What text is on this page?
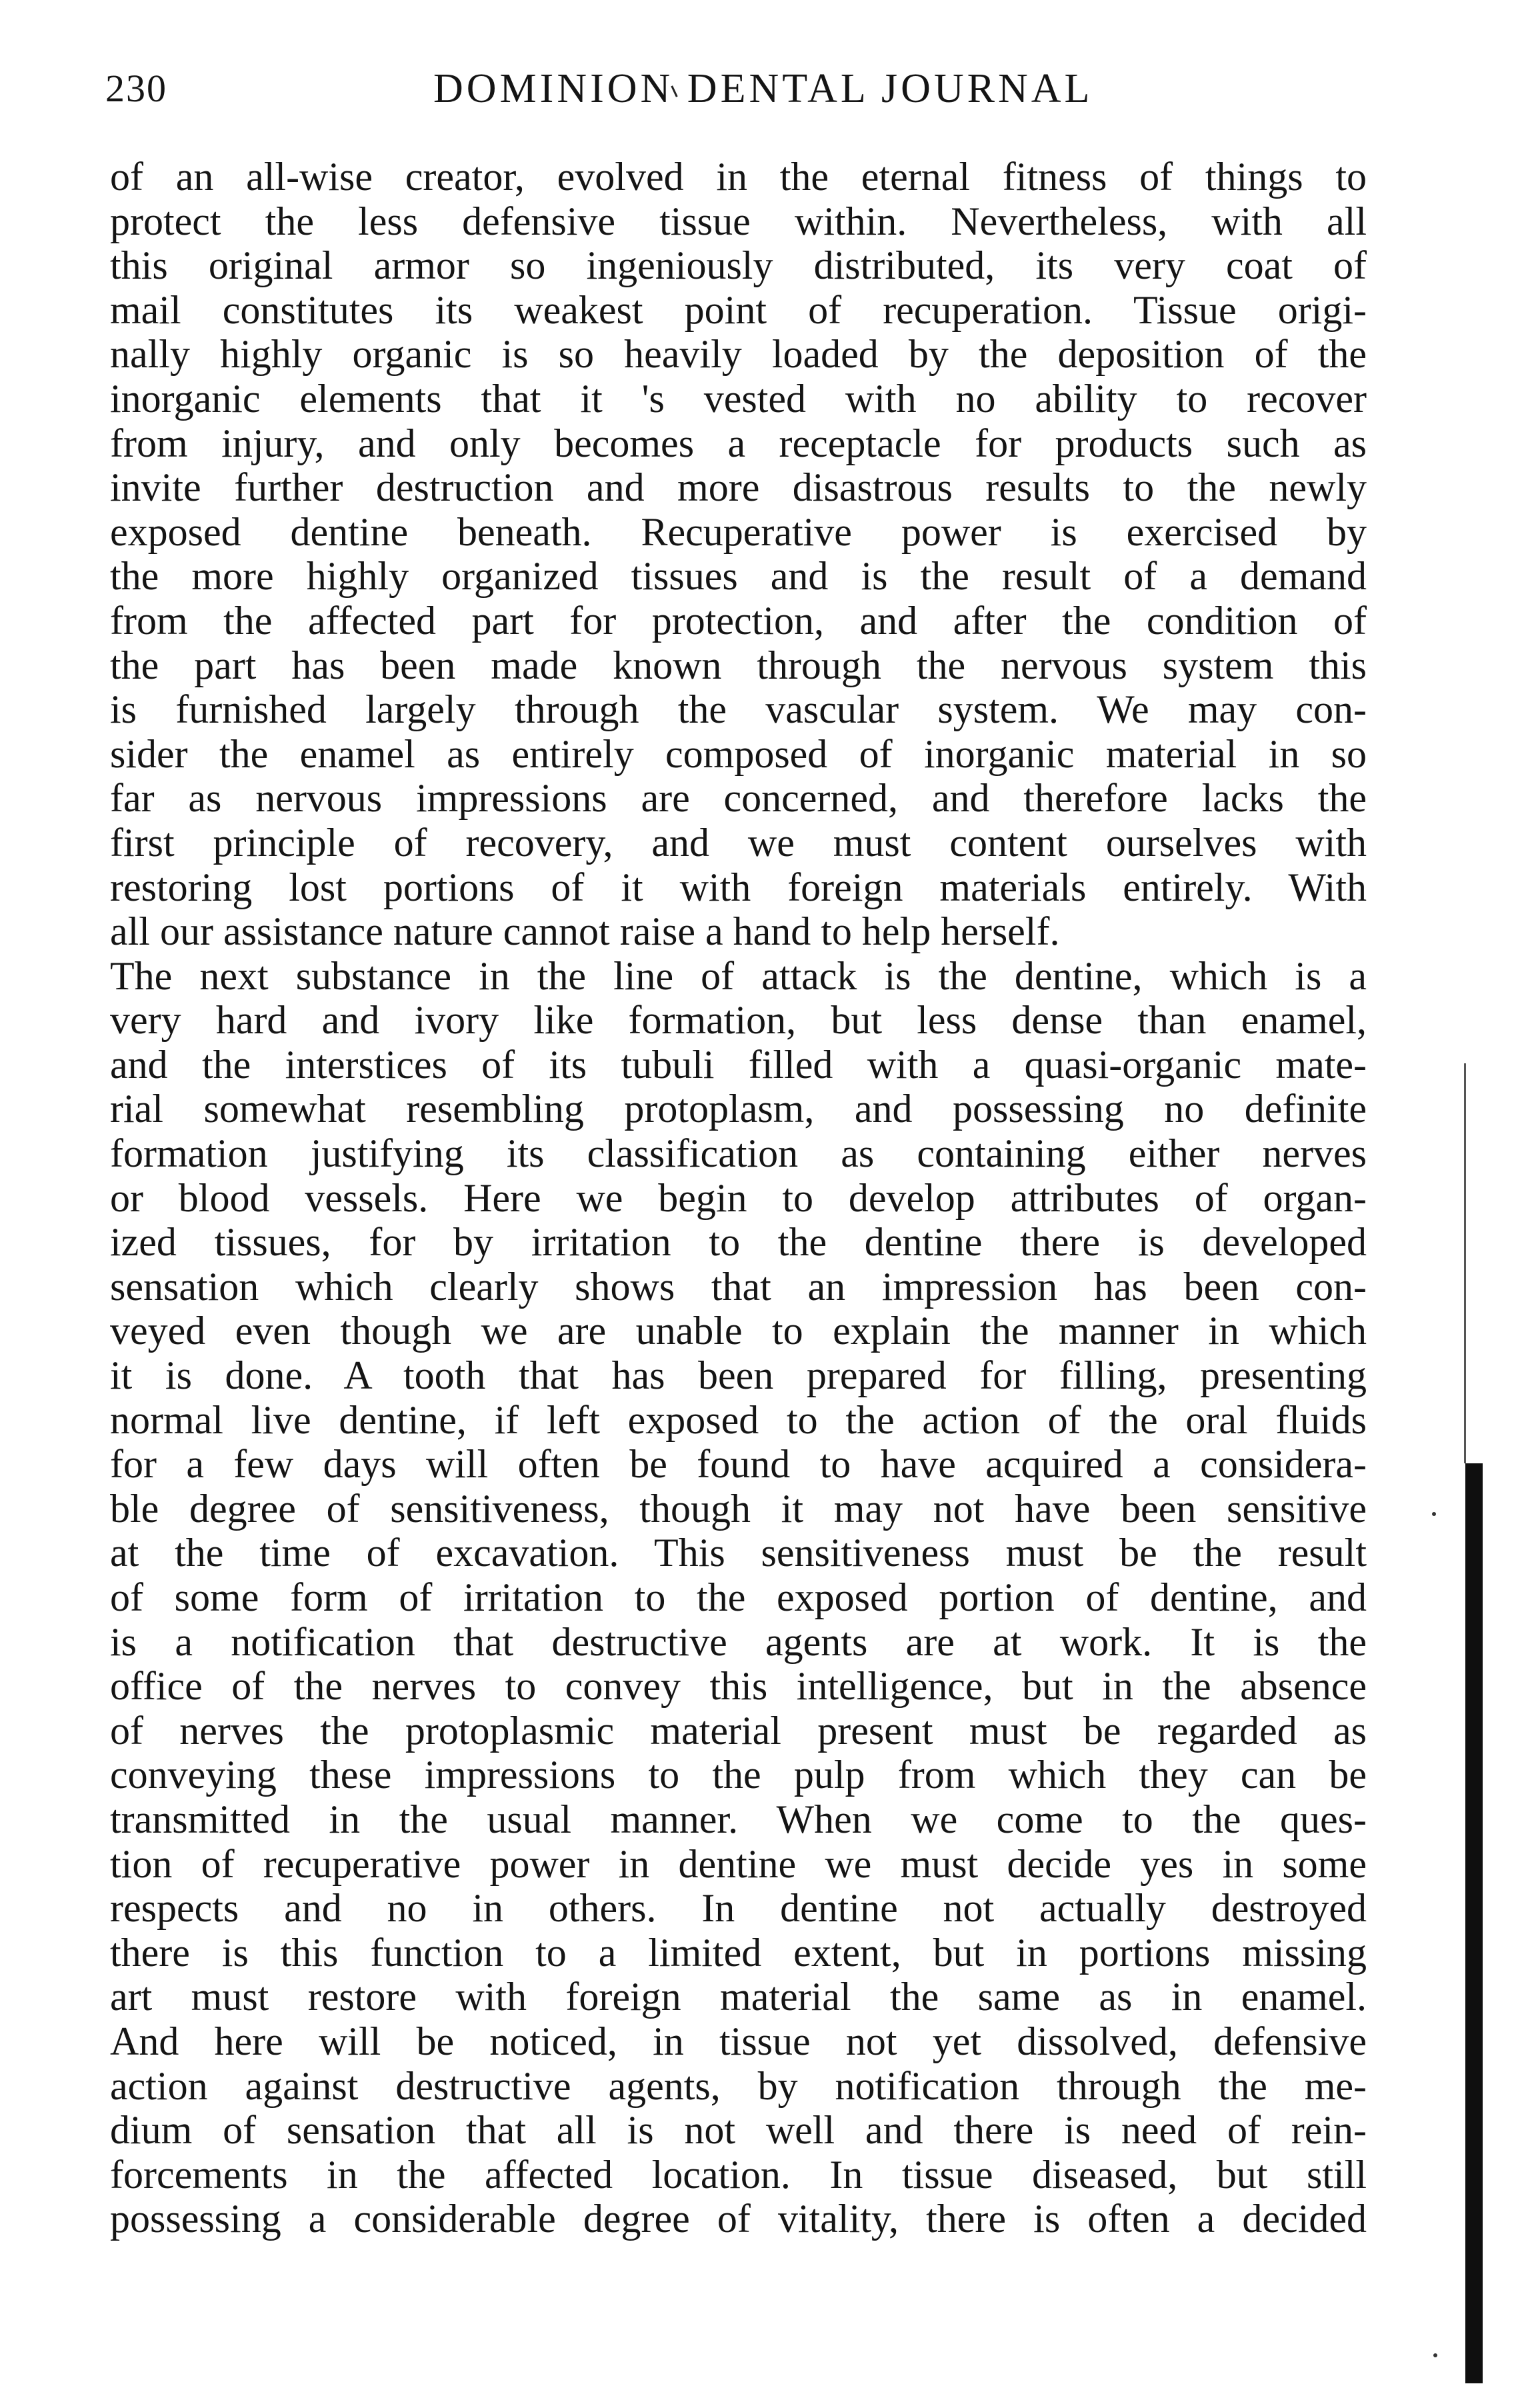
230	DOMINION DENTAL JOURNAL
of an all-wise creator, evolved in the eternal fitness of things to
protect the less defensive tissue within. Nevertheless, with all
this original armor so ingeniously distributed, its very coat of
mail constitutes its weakest point of recuperation. Tissue origi-
nally highly organic is so heavily loaded by the deposition of the
inorganic elements that it 's vested with no ability to recover
from injury, and only becomes a receptacle for products such as
invite further destruction and more disastrous results to the newly
exposed dentine beneath. Recuperative power is exercised by
the more highly organized tissues and is the result of a demand
from the affected part for protection, and after the condition of
the part has been made known through the nervous system this
is furnished largely through the vascular system. We may con-
sider the enamel as entirely composed of inorganic material in so
far as nervous impressions are concerned, and therefore lacks the
first principle of recovery, and we must content ourselves with
restoring lost portions of it with foreign materials entirely. With
all our assistance nature cannot raise a hand to help herself.
The next substance in the line of attack is the dentine, which is a
very hard and ivory like formation, but less dense than enamel,
and the interstices of its tubuli filled with a quasi-organic mate-
rial somewhat resembling protoplasm, and possessing no definite
formation justifying its classification as containing either nerves
or blood vessels. Here we begin to develop attributes of organ-
ized tissues, for by irritation to the dentine there is developed
sensation which clearly shows that an impression has been con-
veyed even though we are unable to explain the manner in which
it is done. A tooth that has been prepared for filling, presenting
normal live dentine, if left exposed to the action of the oral fluids
for a few days will often be found to have acquired a considera-
ble degree of sensitiveness, though it may not have been sensitive
at the time of excavation. This sensitiveness must be the result
of some form of irritation to the exposed portion of dentine, and
is a notification that destructive agents are at work. It is the
office of the nerves to convey this intelligence, but in the absence
of nerves the protoplasmic material present must be regarded as
conveying these impressions to the pulp from which they can be
transmitted in the usual manner. When we come to the ques-
tion of recuperative power in dentine we must decide yes in some
respects and no in others. In dentine not actually destroyed
there is this function to a limited extent, but in portions missing
art must restore with foreign material the same as in enamel.
And here will be noticed, in tissue not yet dissolved, defensive
action against destructive agents, by notification through the me-
dium of sensation that all is not well and there is need of rein-
forcements in the affected location. In tissue diseased, but still
possessing a considerable degree of vitality, there is often a decided
